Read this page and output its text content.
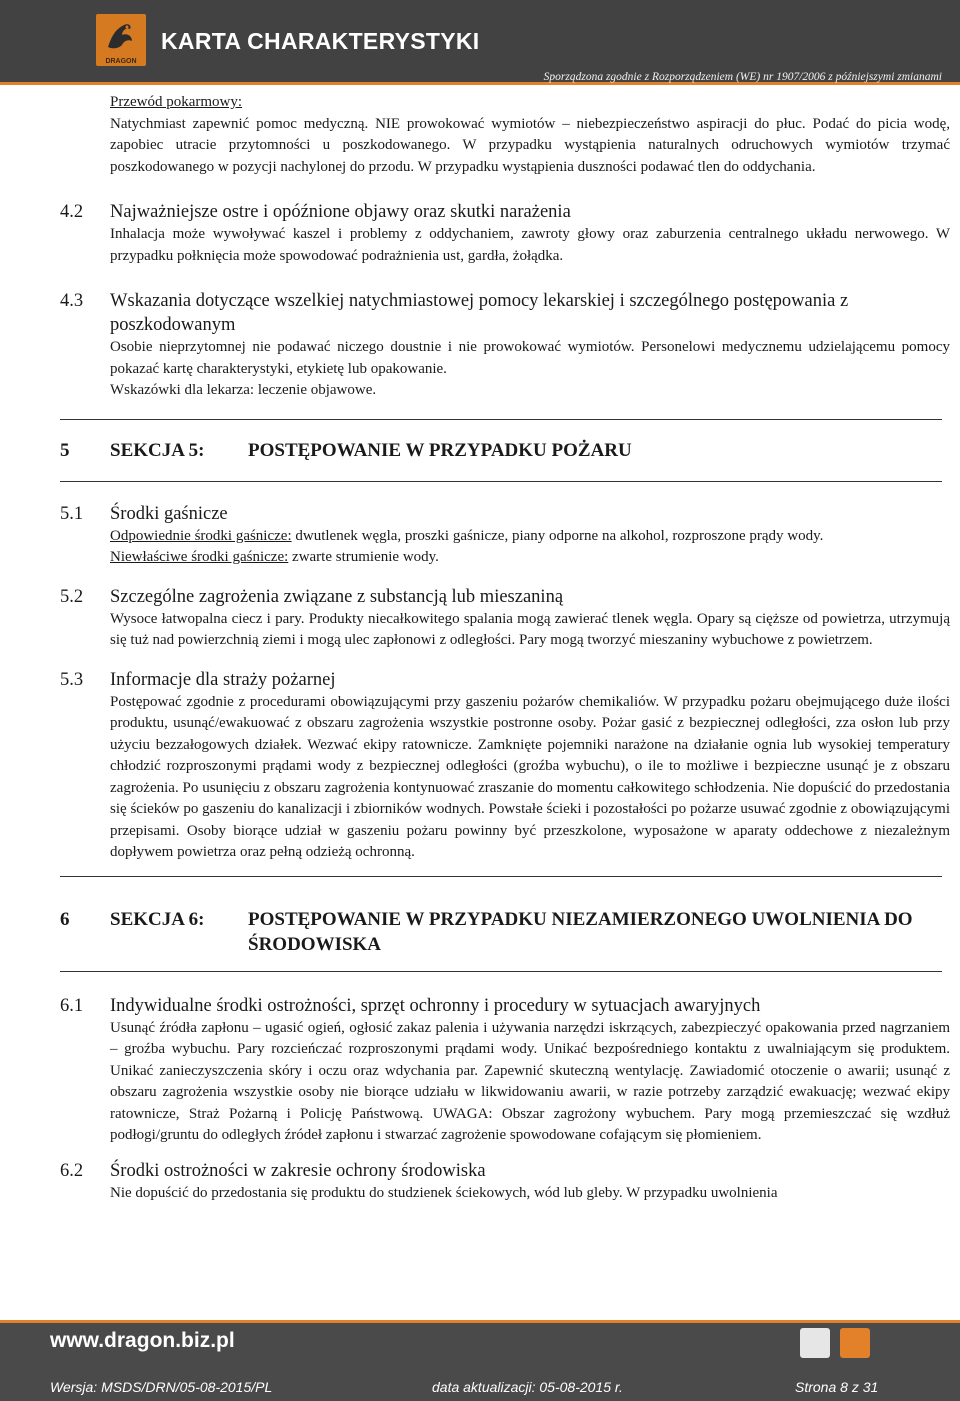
DRAGON
KARTA CHARAKTERYSTYKI
Sporządzona zgodnie z Rozporządzeniem (WE) nr 1907/2006 z późniejszymi zmianami

Przewód pokarmowy:
Natychmiast zapewnić pomoc medyczną. NIE prowokować wymiotów – niebezpieczeństwo aspiracji do płuc. Podać do picia wodę, zapobiec utracie przytomności u poszkodowanego. W przypadku wystąpienia naturalnych odruchowych wymiotów trzymać poszkodowanego w pozycji nachylonej do przodu. W przypadku wystąpienia duszności podawać tlen do oddychania.

4.2	Najważniejsze ostre i opóźnione objawy oraz skutki narażenia

Inhalacja może wywoływać kaszel i problemy z oddychaniem, zawroty głowy oraz zaburzenia centralnego układu nerwowego. W przypadku połknięcia może spowodować podrażnienia ust, gardła, żołądka.

4.3	Wskazania dotyczące wszelkiej natychmiastowej pomocy lekarskiej i szczególnego postępowania z poszkodowanym

Osobie nieprzytomnej nie podawać niczego doustnie i nie prowokować wymiotów. Personelowi medycznemu udzielającemu pomocy pokazać kartę charakterystyki, etykietę lub opakowanie.

Wskazówki dla lekarza: leczenie objawowe.

5	SEKCJA 5:	POSTĘPOWANIE W PRZYPADKU POŻARU
5.1	Środki gaśnicze

Odpowiednie środki gaśnicze: dwutlenek węgla, proszki gaśnicze, piany odporne na alkohol, rozproszone prądy wody.

Niewłaściwe środki gaśnicze: zwarte strumienie wody.

5.2	Szczególne zagrożenia związane z substancją lub mieszaniną

Wysoce łatwopalna ciecz i pary. Produkty niecałkowitego spalania mogą zawierać tlenek węgla. Opary są cięższe od powietrza, utrzymują się tuż nad powierzchnią ziemi i mogą ulec zapłonowi z odległości. Pary mogą tworzyć mieszaniny wybuchowe z powietrzem.

5.3	Informacje dla straży pożarnej

Postępować zgodnie z procedurami obowiązującymi przy gaszeniu pożarów chemikaliów. W przypadku pożaru obejmującego duże ilości produktu, usunąć/ewakuować z obszaru zagrożenia wszystkie postronne osoby. Pożar gasić z bezpiecznej odległości, zza osłon lub przy użyciu bezzałogowych działek. Wezwać ekipy ratownicze. Zamknięte pojemniki narażone na działanie ognia lub wysokiej temperatury chłodzić rozproszonymi prądami wody z bezpiecznej odległości (groźba wybuchu), o ile to możliwe i bezpieczne usunąć je z obszaru zagrożenia. Po usunięciu z obszaru zagrożenia kontynuować zraszanie do momentu całkowitego schłodzenia. Nie dopuścić do przedostania się ścieków po gaszeniu do kanalizacji i zbiorników wodnych. Powstałe ścieki i pozostałości po pożarze usuwać zgodnie z obowiązującymi przepisami. Osoby biorące udział w gaszeniu pożaru powinny być przeszkolone, wyposażone w aparaty oddechowe z niezależnym dopływem powietrza oraz pełną odzieżą ochronną.

6	SEKCJA 6:	POSTĘPOWANIE W PRZYPADKU NIEZAMIERZONEGO UWOLNIENIA DO ŚRODOWISKA
6.1	Indywidualne środki ostrożności, sprzęt ochronny i procedury w sytuacjach awaryjnych

Usunąć źródła zapłonu – ugasić ogień, ogłosić zakaz palenia i używania narzędzi iskrzących, zabezpieczyć opakowania przed nagrzaniem – groźba wybuchu. Pary rozcieńczać rozproszonymi prądami wody. Unikać bezpośredniego kontaktu z uwalniającym się produktem. Unikać zanieczyszczenia skóry i oczu oraz wdychania par. Zapewnić skuteczną wentylację. Zawiadomić otoczenie o awarii; usunąć z obszaru zagrożenia wszystkie osoby nie biorące udziału w likwidowaniu awarii, w razie potrzeby zarządzić ewakuację; wezwać ekipy ratownicze, Straż Pożarną i Policję Państwową. UWAGA: Obszar zagrożony wybuchem. Pary mogą przemieszczać się wzdłuż podłogi/gruntu do odległych źródeł zapłonu i stwarzać zagrożenie spowodowane cofającym się płomieniem.

6.2	Środki ostrożności w zakresie ochrony środowiska

Nie dopuścić do przedostania się produktu do studzienek ściekowych, wód lub gleby. W przypadku uwolnienia

www.dragon.biz.pl
Wersja: MSDS/DRN/05-08-2015/PL	data aktualizacji: 05-08-2015 r.	Strona 8 z 31
